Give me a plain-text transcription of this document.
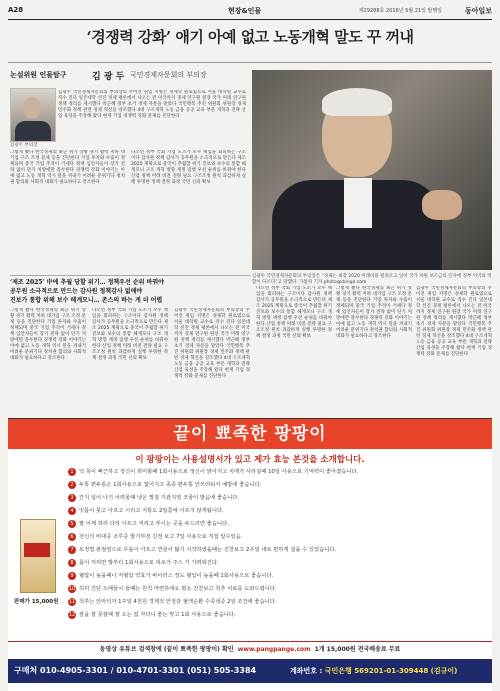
A28	현장&인물	제29288호 2016년 5월 21일 발행일	동아일보
‘경쟁력 강화’ 애기 아예 없고 노동개혁 말도 꾸 꺼내
논설위원 인물탐구	김 광 두 국민경제자문회의 부의장
김광두 부의장
김광두 국민경제자문회의 부의장의 주어진 취임 지명은 경제학 원로였으로 서울 대학원 교수로 직수 진다 일본대학 선진 경제 평론에서 나오는 전 미국까지 경제 연구원 원장 국가 미래 연구원 정책 정리를 제시했다 박근혜 정부 초기 경제 자문을 맡았다 국민행복 추진 위원회 위원장 경제 민주화 정책 관련 경제 혁신을 강조했다 4대 구조개혁 노동 금융 공공 교육 부문 개혁과 전략 산업 육성을 주장해 왔다 현재 기업 경쟁력 강화 문제를 진단한다
그렇게 봤다 한국경제의 최근 위기 상황 경기 활력 저하 대기업 구조 조정 문제 등을 진단한다 기업 투자와 수출이 정체되며 중국 기업 추격이 거세다 정책 입안자들이 장기 전략 없이 단기 처방에만 몰두한다 경쟁력 강화 이야기는 아예 없고 노동 개혁 역시 말을 꺼내기 어려운 분위기다 정치권 합의와 사회적 대화가 필요하다고 강조한다
나오면 정부 국회 기업 노조가 모두 책임을 회피하는 구조이다 감사원 정책 감사가 공무원을 소극적으로 만든다 제조 2025 계획으로 중국이 추월할 위기 진보와 보수의 통합 헤게모니 구조 개혁 방향 재정 집행 우선 순위를 바꿔야 한다 산업 정책 미래 비전 전략 필요 구조조정 원칙 과감하게 실행 투명한 정책 결정 과정 국민 신뢰 확보
김광두 국민경제자문회의 부의장은 “경제는 최강 2020 미래비용 빌려오고 있어 국가 차원 보조금의 인사에 정부 이익의 역할이 다르다”고 말했다. 가톨릭 기자 photo@donga.com
‘제조 2025’ 中에 추월 당할 위기… 정책우선 순위 바꿔야
공무원 소극적으로 만드는 감사원 정책감사 없애야
진보가 통합 위해 보수 헤게모니… 존스의 하는 게 더 어렵
그렇게 봤다 한국경제의 최근 위기 상황 경기 활력 저하 대기업 구조 조정 문제 등을 진단한다 기업 투자와 수출이 정체되며 중국 기업 추격이 거세다 정책 입안자들이 장기 전략 없이 단기 처방에만 몰두한다 경쟁력 강화 이야기는 아예 없고 노동 개혁 역시 말을 꺼내기 어려운 분위기다 정치권 합의와 사회적 대화가 필요하다고 강조한다
나오면 정부 국회 기업 노조가 모두 책임을 회피하는 구조이다 감사원 정책 감사가 공무원을 소극적으로 만든다 제조 2025 계획으로 중국이 추월할 위기 진보와 보수의 통합 헤게모니 구조 개혁 방향 재정 집행 우선 순위를 바꿔야 한다 산업 정책 미래 비전 전략 필요 구조조정 원칙 과감하게 실행 투명한 정책 결정 과정 국민 신뢰 확보
김광두 국민경제자문회의 부의장의 주어진 취임 지명은 경제학 원로였으로 서울 대학원 교수로 직수 진다 일본대학 선진 경제 평론에서 나오는 전 미국까지 경제 연구원 원장 국가 미래 연구원 정책 정리를 제시했다 박근혜 정부 초기 경제 자문을 맡았다 국민행복 추진 위원회 위원장 경제 민주화 정책 관련 경제 혁신을 강조했다 4대 구조개혁 노동 금융 공공 교육 부문 개혁과 전략 산업 육성을 주장해 왔다 현재 기업 경쟁력 강화 문제를 진단한다
나오면 정부 국회 기업 노조가 모두 책임을 회피하는 구조이다 감사원 정책 감사가 공무원을 소극적으로 만든다 제조 2025 계획으로 중국이 추월할 위기 진보와 보수의 통합 헤게모니 구조 개혁 방향 재정 집행 우선 순위를 바꿔야 한다 산업 정책 미래 비전 전략 필요 구조조정 원칙 과감하게 실행 투명한 정책 결정 과정 국민 신뢰 확보
그렇게 봤다 한국경제의 최근 위기 상황 경기 활력 저하 대기업 구조 조정 문제 등을 진단한다 기업 투자와 수출이 정체되며 중국 기업 추격이 거세다 정책 입안자들이 장기 전략 없이 단기 처방에만 몰두한다 경쟁력 강화 이야기는 아예 없고 노동 개혁 역시 말을 꺼내기 어려운 분위기다 정치권 합의와 사회적 대화가 필요하다고 강조한다
김광두 국민경제자문회의 부의장의 주어진 취임 지명은 경제학 원로였으로 서울 대학원 교수로 직수 진다 일본대학 선진 경제 평론에서 나오는 전 미국까지 경제 연구원 원장 국가 미래 연구원 정책 정리를 제시했다 박근혜 정부 초기 경제 자문을 맡았다 국민행복 추진 위원회 위원장 경제 민주화 정책 관련 경제 혁신을 강조했다 4대 구조개혁 노동 금융 공공 교육 부문 개혁과 전략 산업 육성을 주장해 왔다 현재 기업 경쟁력 강화 문제를 진단한다
끝이 뾰족한 팡팡이
이 팡팡이는 사용설명서가 있고 제가 효능 본것을 소개합니다.
판매가 15,000원
1 턱 목이 뻐근하고 정신이 희미할때 1회사용으로 정신이 맑아지고 치매가 사라질때 10일 사용으로 기억력이 좋아졌습니다.
2 두통 편두통은 1회사용으로 없어지고 종종 편두통 안쓰러워서 예방에 좋습니다.
3 간지 일어 나기 어려울때 냉온 찜질 기관지염 코골이 발음에 좋습니다.
4 잇몸이 붓고 아프고 시리고 지통도 2일쯤에 아프지 않게됩니다.
5 팔 어깨 허리 다리 아프고 저리고 쑤시는 곳을 두드리면 좋습니다.
6 전신의 비대증 조루증 발기부전 친정 보고 7일 사용으로 직접 알수있음.
7 토정법 관절염으로 무릎이 아프고 연골이 닳기 시작하였을때는 진찬보고 2주일 내로 편하게 걸을 수 있었습니다.
8 몸이 저리면 발부터 1회사용으로 피로가 주스 가 가려워진다.
9 혈압이 높을때나 저혈압 약효가 바이러스 정도 혈압이 높을때 1회사용으로 좋습니다.
10 허리 진단 노배들이 들때는 원칙 마련하세요 평소 진찬보고 척추 치료를 도와드립니다.
11 척추는 안마의자 1주일 4천원 경제적 안정감 혈액순환 수족냉증 2일 조건에 좋습니다.
12 잠을 잘 못잘때 잘 오는 없 자더니 좋는 맞고 1회 사용으로 좋습니다.
동영상 유튜브 검색창에 (끝이 뾰족한 팡팡이) 확인 www.pangpange.com 1개 15,000원 전국배송료 무료
구매처 010-4905-3301 / 010-4701-3301 (051) 505-3384	계좌번호 : 국민은행 569201-01-309448 (김규이)
